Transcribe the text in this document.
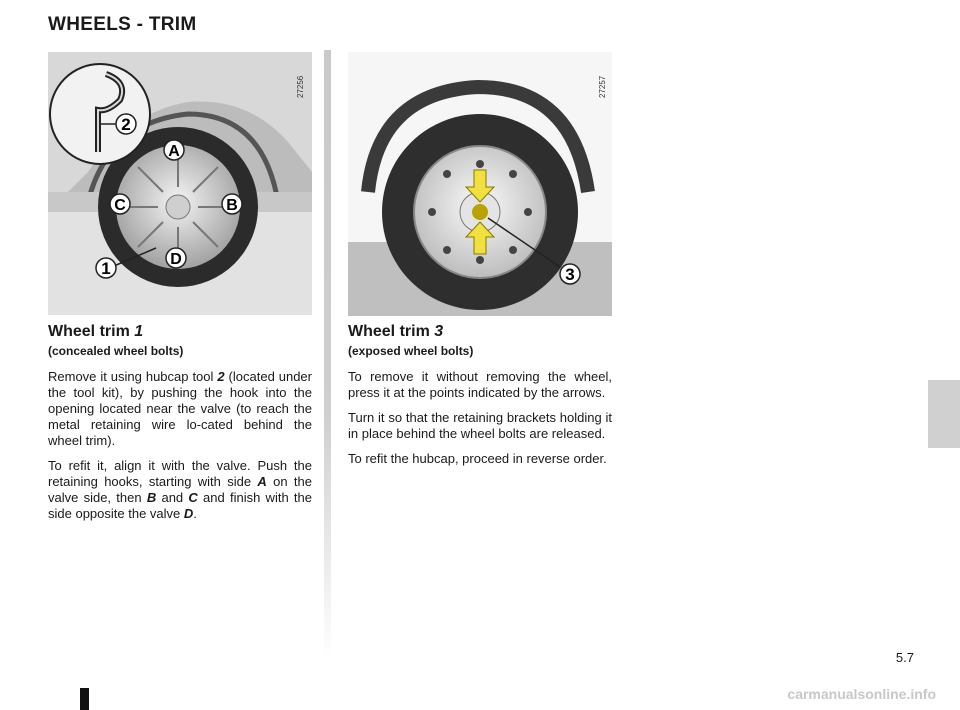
WHEELS - TRIM
2
A
B
C
D
1
27256
3
27257
Wheel trim 1
(concealed wheel bolts)

Remove it using hubcap tool 2 (located under the tool kit), by pushing the hook into the opening located near the valve (to reach the metal retaining wire lo-cated behind the wheel trim).

To refit it, align it with the valve. Push the retaining hooks, starting with side A on the valve side, then B and C and finish with the side opposite the valve D.

Wheel trim 3
(exposed wheel bolts)

To remove it without removing the wheel, press it at the points indicated by the arrows.

Turn it so that the retaining brackets holding it in place behind the wheel bolts are released.

To refit the hubcap, proceed in reverse order.

5.7
carmanualsonline.info
